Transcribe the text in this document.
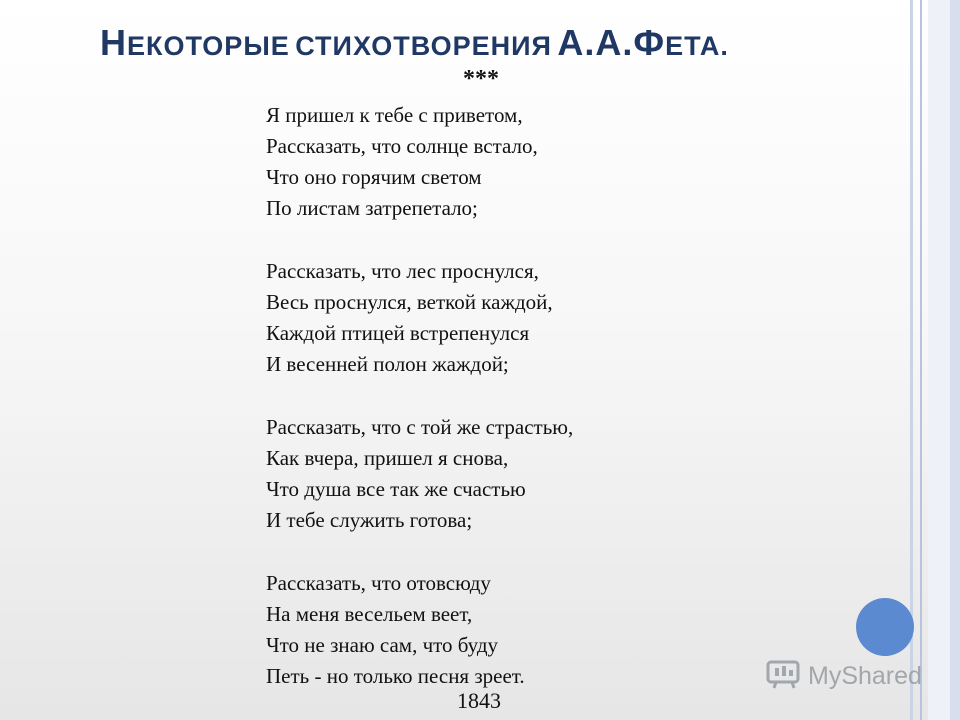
НЕКОТОРЫЕ СТИХОТВОРЕНИЯ А.А.ФЕТА.
***
Я пришел к тебе с приветом,
Рассказать, что солнце встало,
Что оно горячим светом
По листам затрепетало;
Рассказать, что лес проснулся,
Весь проснулся, веткой каждой,
Каждой птицей встрепенулся
И весенней полон жаждой;
Рассказать, что с той же страстью,
Как вчера, пришел я снова,
Что душа все так же счастью
И тебе служить готова;
Рассказать, что отовсюду
На меня весельем веет,
Что не знаю сам, что буду
Петь - но только песня зреет.
1843
MyShared
